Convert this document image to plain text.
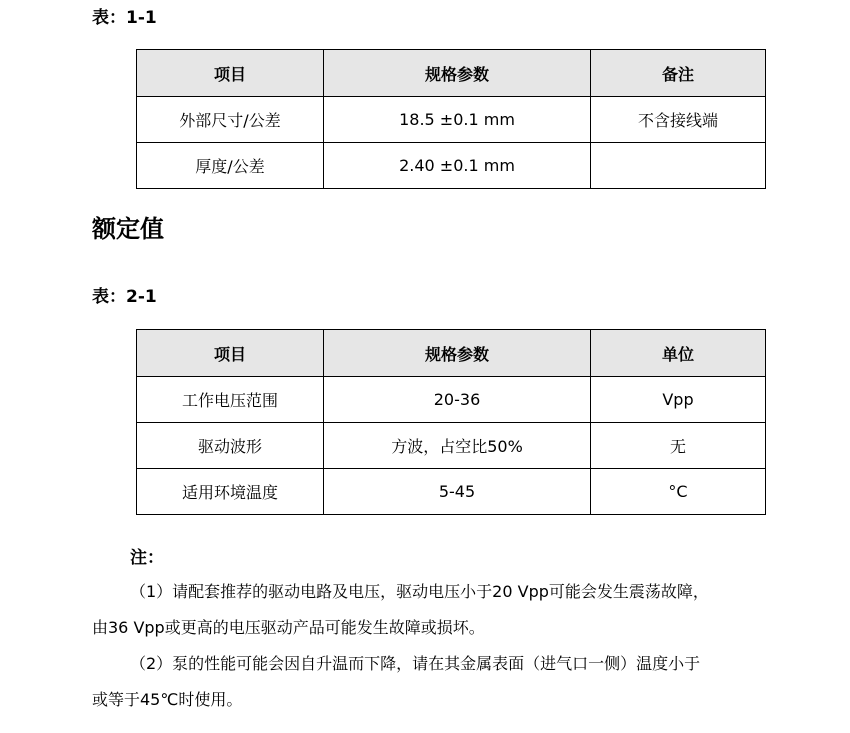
表：1-1
项目	规格参数	备注
外部尺寸/公差	18.5 ±0.1 mm	不含接线端
厚度/公差	2.40 ±0.1 mm	
额定值
表：2-1
项目	规格参数	单位
工作电压范围	20-36	Vpp
驱动波形	方波，占空比50%	无
适用环境温度	5-45	°C
注：
（1）请配套推荐的驱动电路及电压，驱动电压小于20 Vpp可能会发生震荡故障，
由36 Vpp或更高的电压驱动产品可能发生故障或损坏。
（2）泵的性能可能会因自升温而下降，请在其金属表面（进气口一侧）温度小于
或等于45℃时使用。
